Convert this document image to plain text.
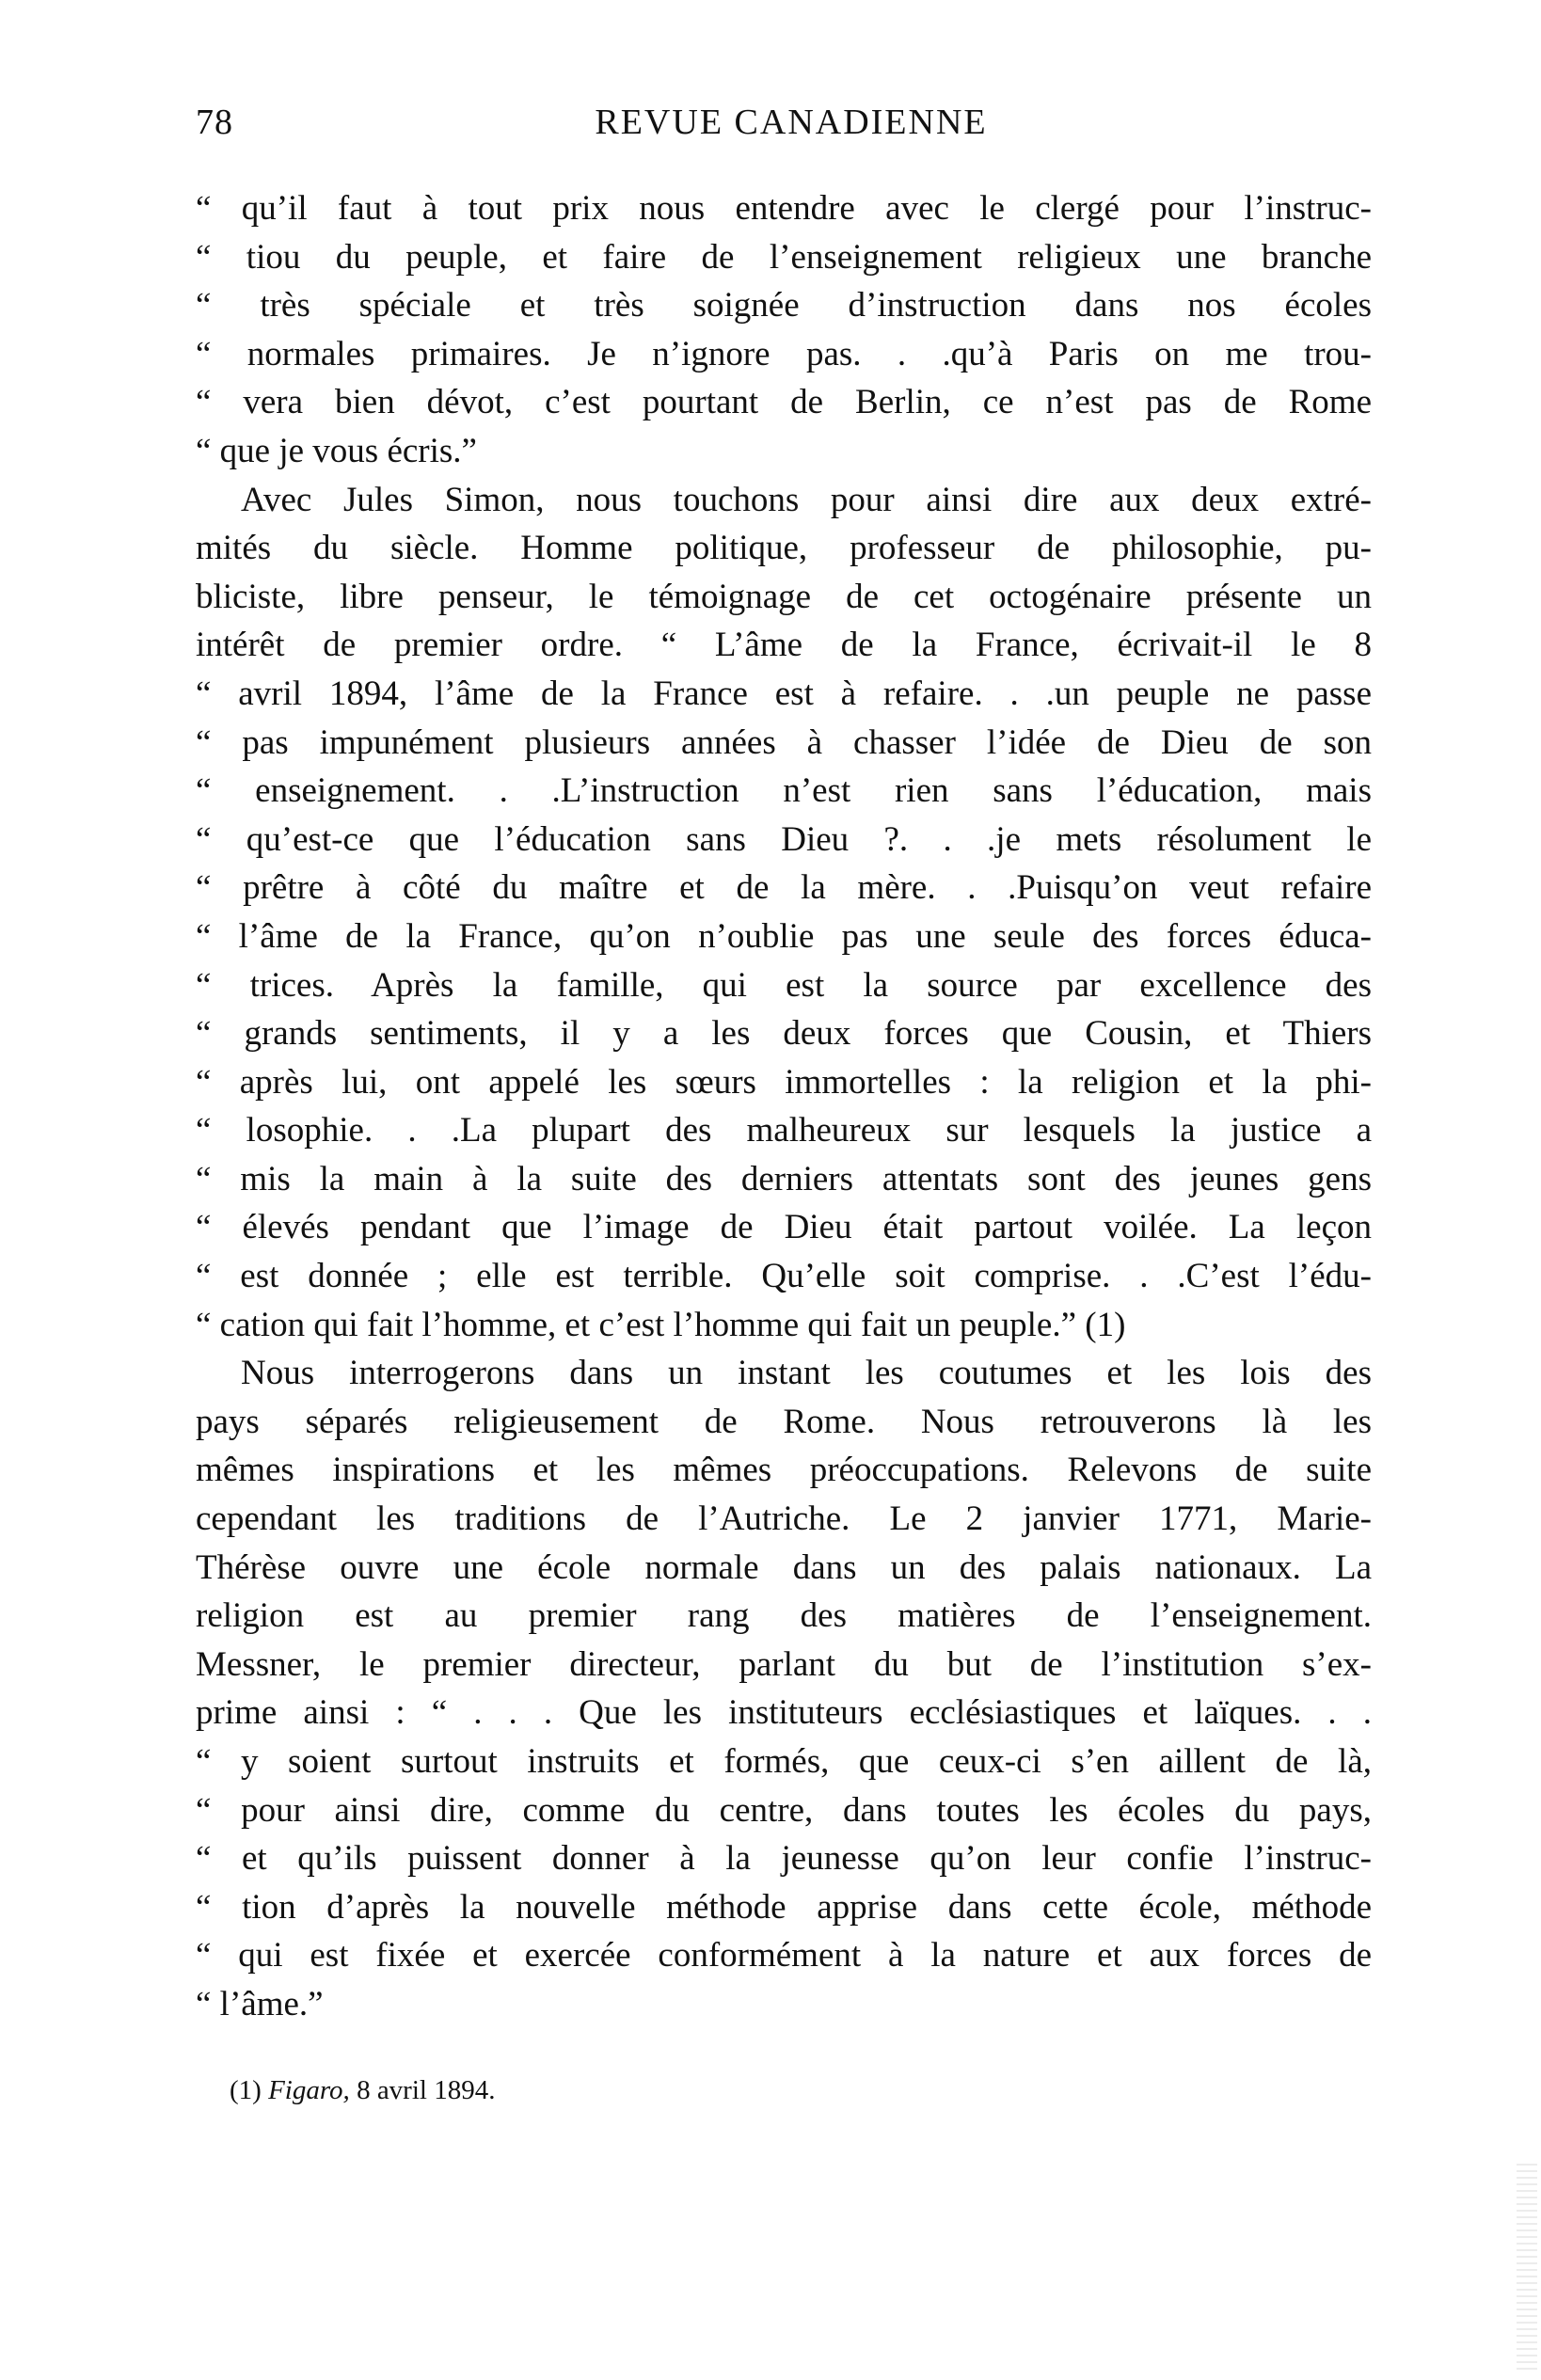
78	REVUE CANADIENNE
“ qu’il faut à tout prix nous entendre avec le clergé pour l’instruc-
“ tiou du peuple, et faire de l’enseignement religieux une branche
“ très spéciale et très soignée d’instruction dans nos écoles
“ normales primaires. Je n’ignore pas. . .qu’à Paris on me trou-
“ vera bien dévot, c’est pourtant de Berlin, ce n’est pas de Rome
“ que je vous écris.”
Avec Jules Simon, nous touchons pour ainsi dire aux deux extré-
mités du siècle. Homme politique, professeur de philosophie, pu-
bliciste, libre penseur, le témoignage de cet octogénaire présente un
intérêt de premier ordre. “ L’âme de la France, écrivait-il le 8
“ avril 1894, l’âme de la France est à refaire. . .un peuple ne passe
“ pas impunément plusieurs années à chasser l’idée de Dieu de son
“ enseignement. . .L’instruction n’est rien sans l’éducation, mais
“ qu’est-ce que l’éducation sans Dieu ?. . .je mets résolument le
“ prêtre à côté du maître et de la mère. . .Puisqu’on veut refaire
“ l’âme de la France, qu’on n’oublie pas une seule des forces éduca-
“ trices. Après la famille, qui est la source par excellence des
“ grands sentiments, il y a les deux forces que Cousin, et Thiers
“ après lui, ont appelé les sœurs immortelles : la religion et la phi-
“ losophie. . .La plupart des malheureux sur lesquels la justice a
“ mis la main à la suite des derniers attentats sont des jeunes gens
“ élevés pendant que l’image de Dieu était partout voilée. La leçon
“ est donnée ; elle est terrible. Qu’elle soit comprise. . .C’est l’édu-
“ cation qui fait l’homme, et c’est l’homme qui fait un peuple.” (1)
Nous interrogerons dans un instant les coutumes et les lois des
pays séparés religieusement de Rome. Nous retrouverons là les
mêmes inspirations et les mêmes préoccupations. Relevons de suite
cependant les traditions de l’Autriche. Le 2 janvier 1771, Marie-
Thérèse ouvre une école normale dans un des palais nationaux. La
religion est au premier rang des matières de l’enseignement.
Messner, le premier directeur, parlant du but de l’institution s’ex-
prime ainsi : “ . . . Que les instituteurs ecclésiastiques et laïques. . .
“ y soient surtout instruits et formés, que ceux-ci s’en aillent de là,
“ pour ainsi dire, comme du centre, dans toutes les écoles du pays,
“ et qu’ils puissent donner à la jeunesse qu’on leur confie l’instruc-
“ tion d’après la nouvelle méthode apprise dans cette école, méthode
“ qui est fixée et exercée conformément à la nature et aux forces de
“ l’âme.”
(1) Figaro, 8 avril 1894.
